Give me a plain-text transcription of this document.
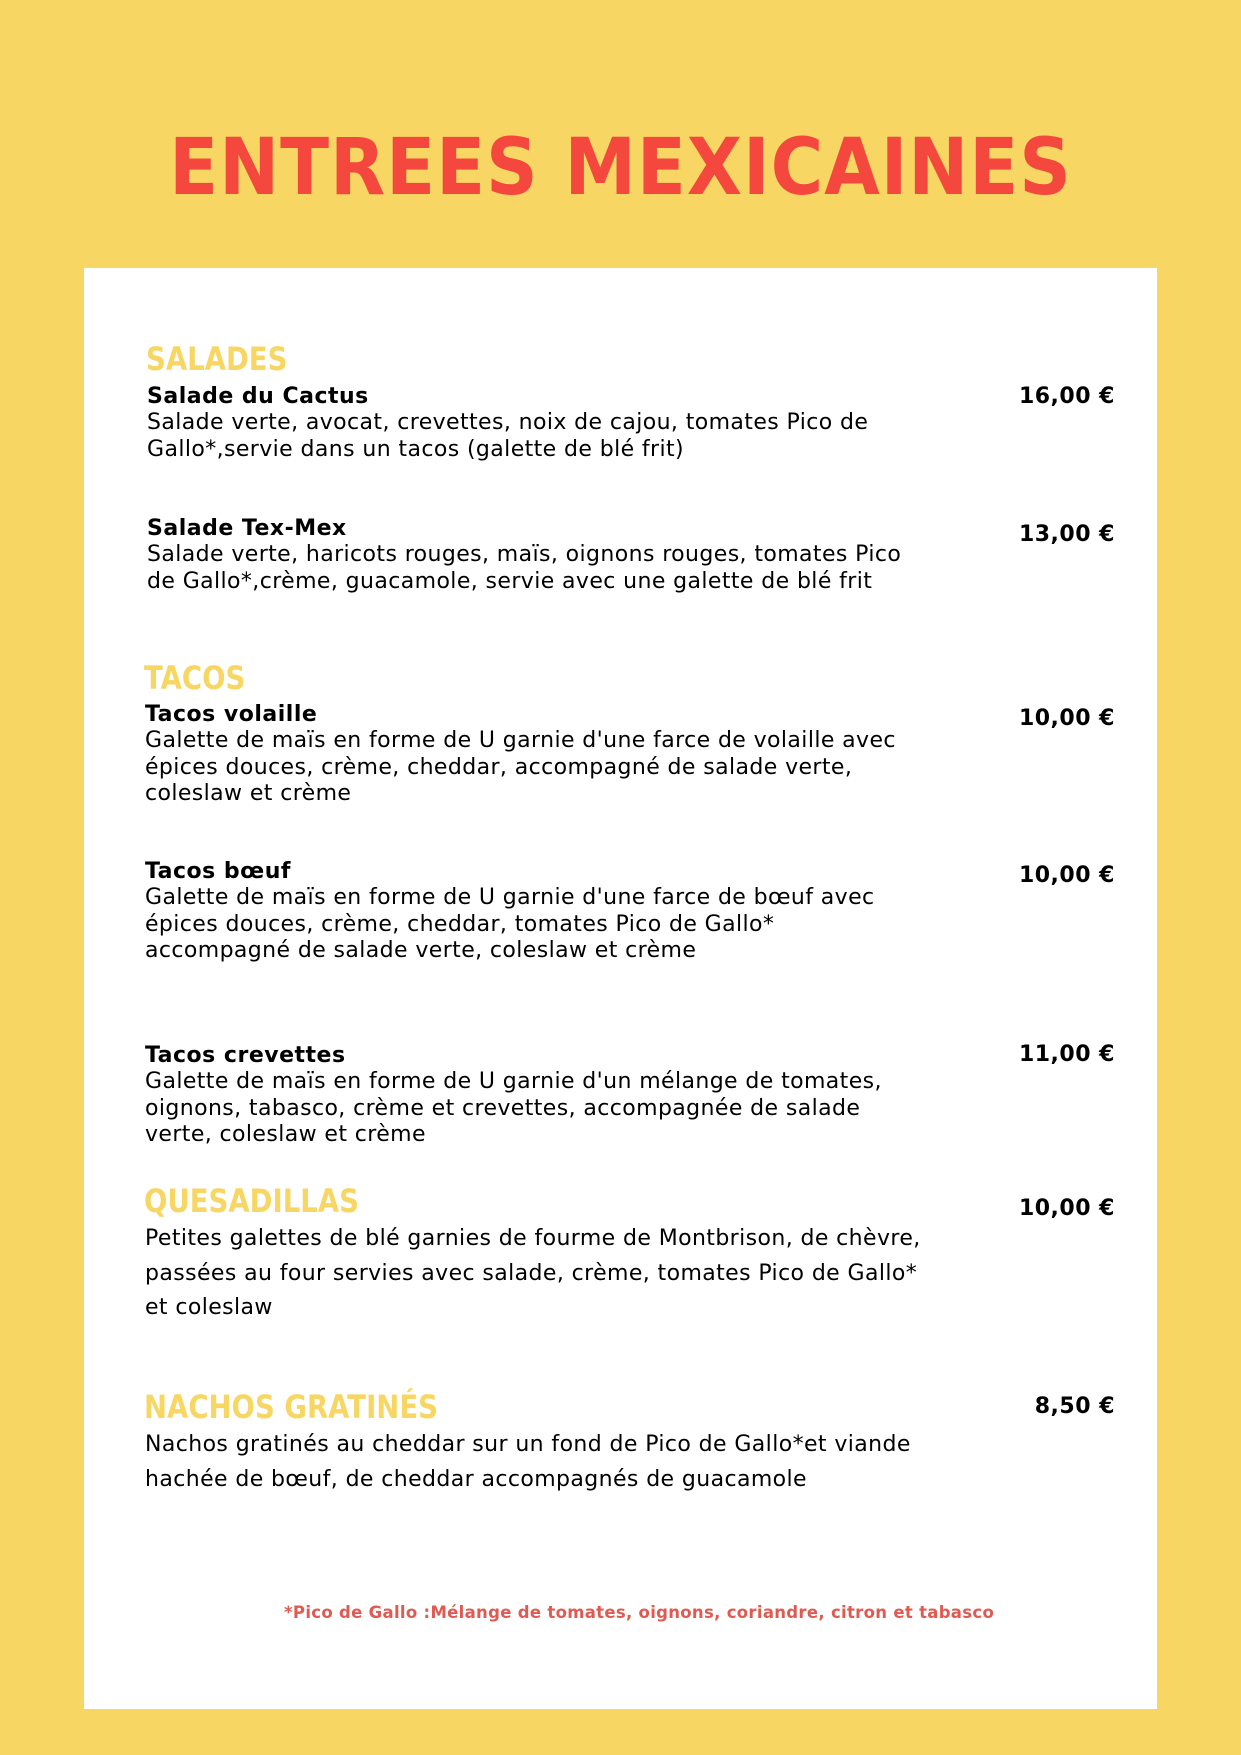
ENTREES MEXICAINES
SALADES
Salade du Cactus
Salade verte, avocat, crevettes, noix de cajou, tomates Pico de Gallo*,servie dans un tacos (galette de blé frit)
16,00 €
Salade Tex-Mex
Salade verte, haricots rouges, maïs, oignons rouges, tomates Pico de Gallo*,crème, guacamole, servie avec une galette de blé frit
13,00 €
TACOS
Tacos volaille
Galette de maïs en forme de U garnie d'une farce de volaille avec épices douces, crème, cheddar, accompagné de salade verte, coleslaw et crème
10,00 €
Tacos bœuf
Galette de maïs en forme de U garnie d'une farce de bœuf avec épices douces, crème, cheddar, tomates Pico de Gallo* accompagné de salade verte, coleslaw et crème
10,00 €
Tacos crevettes
Galette de maïs en forme de U garnie d'un mélange de tomates, oignons, tabasco, crème et crevettes, accompagnée de salade verte, coleslaw et crème
11,00 €
QUESADILLAS	10,00 €
Petites galettes de blé garnies de fourme de Montbrison, de chèvre, passées au four servies avec salade, crème, tomates Pico de Gallo* et coleslaw
NACHOS GRATINÉS	8,50 €
Nachos gratinés au cheddar sur un fond de Pico de Gallo*et viande hachée de bœuf, de cheddar accompagnés de guacamole
*Pico de Gallo :Mélange de tomates, oignons, coriandre, citron et tabasco
